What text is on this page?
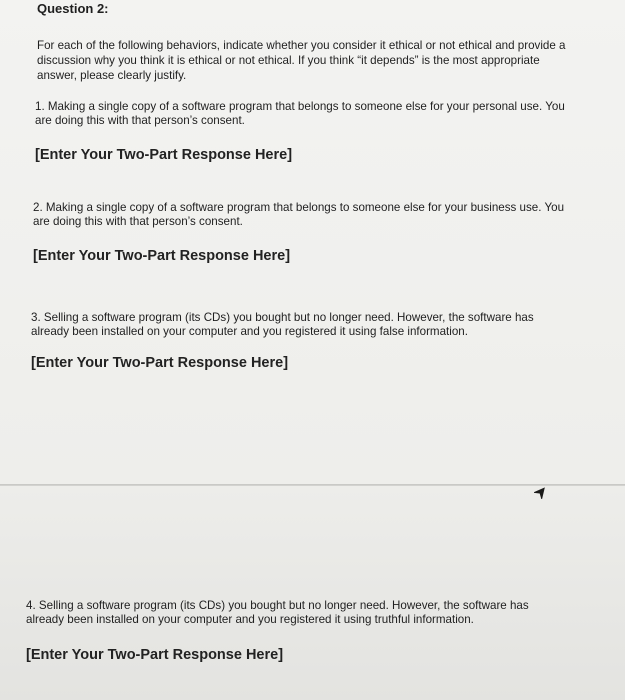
Question 2:
For each of the following behaviors, indicate whether you consider it ethical or not ethical and provide a
discussion why you think it is ethical or not ethical. If you think “it depends” is the most appropriate
answer, please clearly justify.
1. Making a single copy of a software program that belongs to someone else for your personal use. You
are doing this with that person’s consent.
[Enter Your Two-Part Response Here]
2. Making a single copy of a software program that belongs to someone else for your business use. You
are doing this with that person’s consent.
[Enter Your Two-Part Response Here]
3. Selling a software program (its CDs) you bought but no longer need. However, the software has
already been installed on your computer and you registered it using false information.
[Enter Your Two-Part Response Here]
4. Selling a software program (its CDs) you bought but no longer need. However, the software has
already been installed on your computer and you registered it using truthful information.
[Enter Your Two-Part Response Here]
